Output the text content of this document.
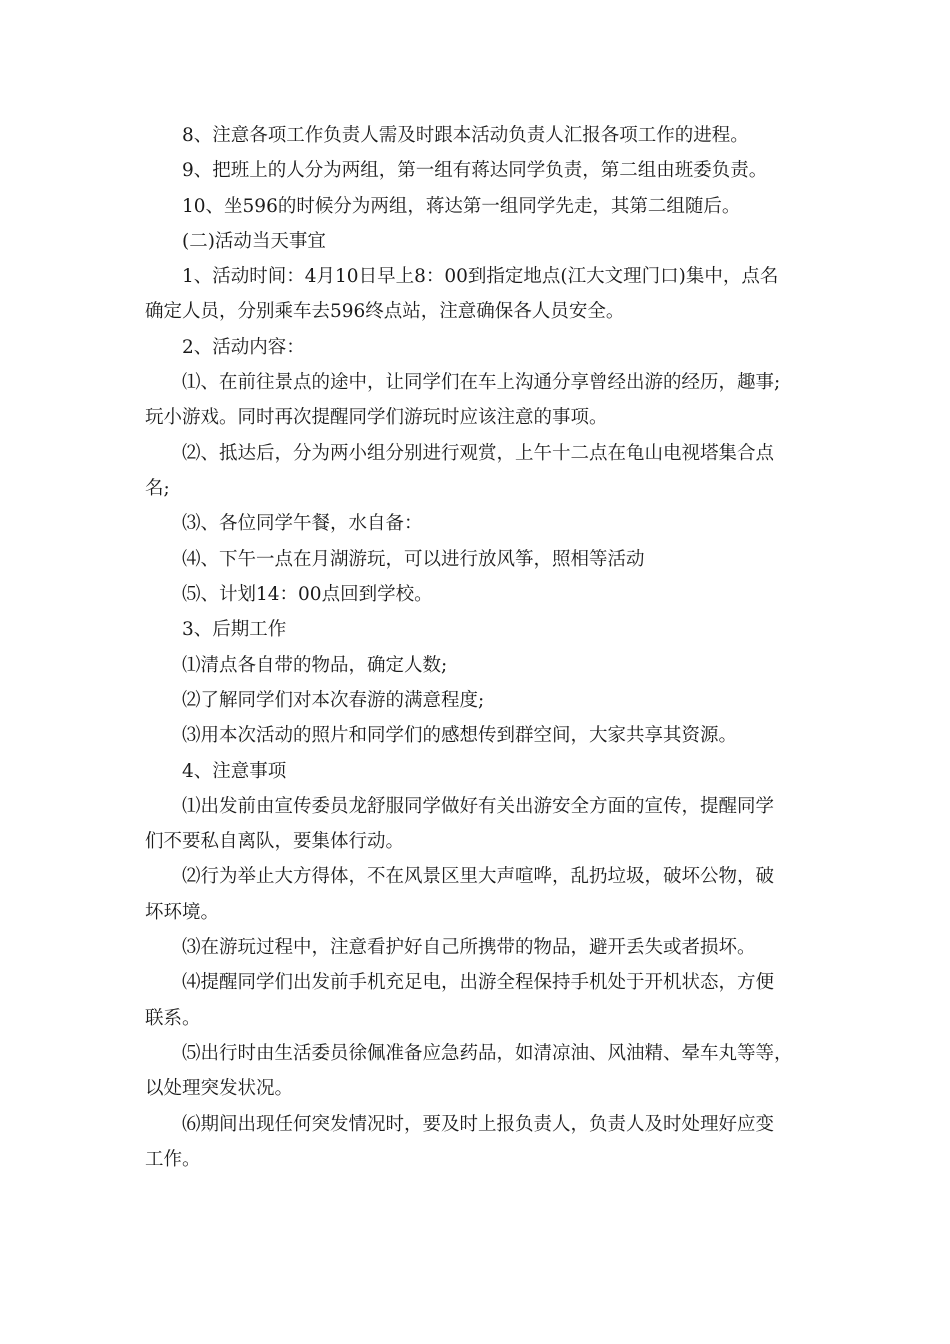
8、注意各项工作负责人需及时跟本活动负责人汇报各项工作的进程。
9、把班上的人分为两组，第一组有蒋达同学负责，第二组由班委负责。
10、坐596的时候分为两组，蒋达第一组同学先走，其第二组随后。
(二)活动当天事宜
1、活动时间：4月10日早上8：00到指定地点(江大文理门口)集中，点名
确定人员，分别乘车去596终点站，注意确保各人员安全。
2、活动内容：
⑴、在前往景点的途中，让同学们在车上沟通分享曾经出游的经历，趣事;
玩小游戏。同时再次提醒同学们游玩时应该注意的事项。
⑵、抵达后，分为两小组分别进行观赏，上午十二点在龟山电视塔集合点
名;
⑶、各位同学午餐，水自备：
⑷、下午一点在月湖游玩，可以进行放风筝，照相等活动
⑸、计划14：00点回到学校。
3、后期工作
⑴清点各自带的物品，确定人数;
⑵了解同学们对本次春游的满意程度;
⑶用本次活动的照片和同学们的感想传到群空间，大家共享其资源。
4、注意事项
⑴出发前由宣传委员龙舒服同学做好有关出游安全方面的宣传，提醒同学
们不要私自离队，要集体行动。
⑵行为举止大方得体，不在风景区里大声喧哗，乱扔垃圾，破坏公物，破
坏环境。
⑶在游玩过程中，注意看护好自己所携带的物品，避开丢失或者损坏。
⑷提醒同学们出发前手机充足电，出游全程保持手机处于开机状态，方便
联系。
⑸出行时由生活委员徐佩准备应急药品，如清凉油、风油精、晕车丸等等，
以处理突发状况。
⑹期间出现任何突发情况时，要及时上报负责人，负责人及时处理好应变
工作。
